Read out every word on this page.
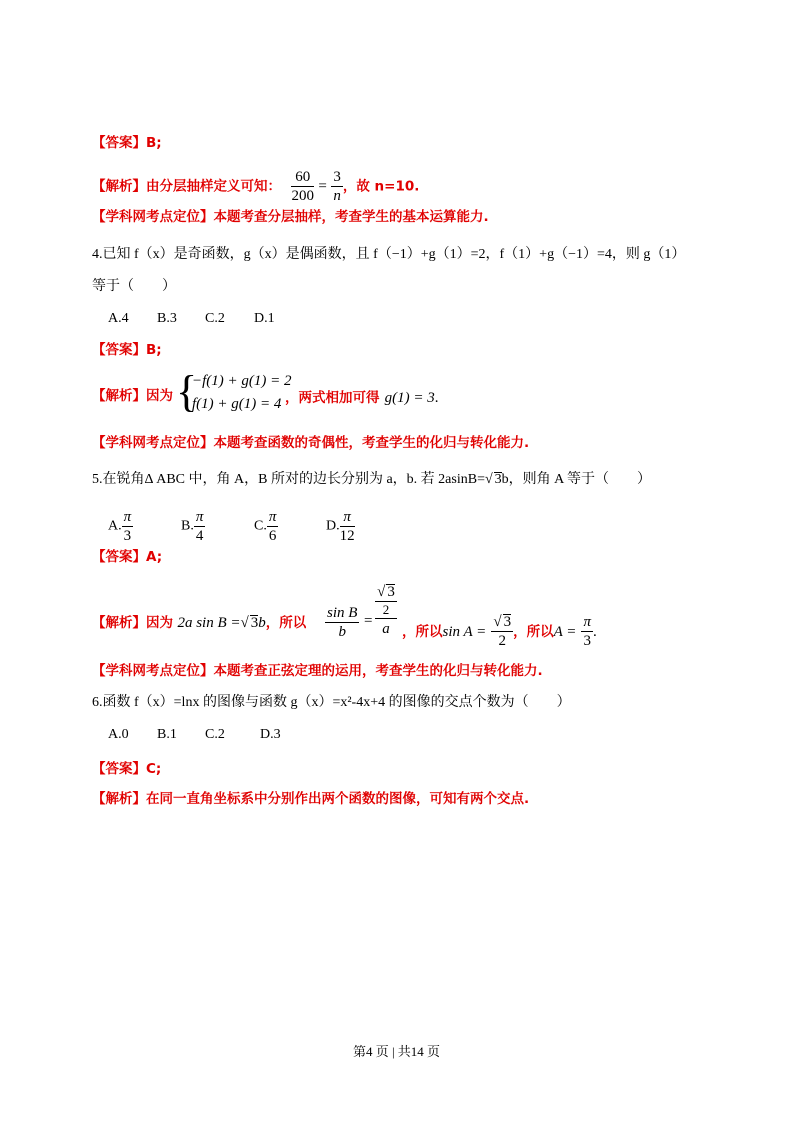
【答案】B;
【解析】由分层抽样定义可知： $\frac{60}{200} = \frac{3}{n}$ ，故 n=10.
【学科网考点定位】本题考查分层抽样，考查学生的基本运算能力.
4.已知 f（x）是奇函数，g（x）是偶函数，且 f（−1）+g（1）=2，f（1）+g（−1）=4，则 g（1）
等于（　　）
A.4 B.3 C.2 D.1
【答案】B;
【解析】因为 {
−f(1) + g(1) = 2
f(1) + g(1) = 4 ，两式相加可得 g(1) = 3.
【学科网考点定位】本题考查函数的奇偶性，考查学生的化归与转化能力.
5.在锐角Δ ABC 中，角 A，B 所对的边长分别为 a，b. 若 2asinB=√ 3b，则角 A 等于（　　）
A. $\frac{\pi}{3}$	B. $\frac{\pi}{4}$	C. $\frac{\pi}{6}$	D. $\frac{\pi}{12}$
【答案】A;
【解析】因为 2a sin B =√ 3b，所以 $\frac{\text{sin B}}{b}$ =
√ 3
2
a ，所以$\sin A = \frac{√ 3}{2}$ ，所以$A = \frac{\pi}{3}$ .
【学科网考点定位】本题考查正弦定理的运用，考查学生的化归与转化能力.
6.函数 f（x）=lnx 的图像与函数 g（x）=x²-4x+4 的图像的交点个数为（　　）
A.0 B.1 C.2	D.3
【答案】C;
【解析】在同一直角坐标系中分别作出两个函数的图像，可知有两个交点.
第4 页 | 共14 页
